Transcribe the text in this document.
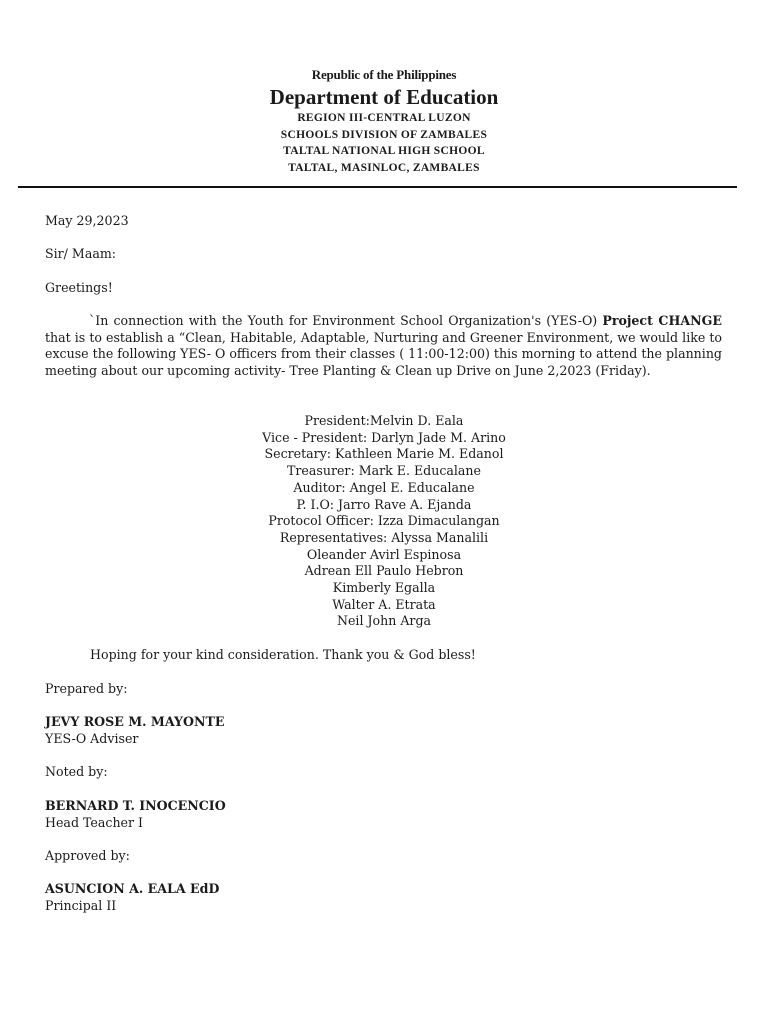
Republic of the Philippines
Department of Education
REGION III-CENTRAL LUZON
SCHOOLS DIVISION OF ZAMBALES
TALTAL NATIONAL HIGH SCHOOL
TALTAL, MASINLOC, ZAMBALES
May 29,2023
Sir/ Maam:
Greetings!
`In connection with the Youth for Environment School Organization's (YES-O) Project CHANGE that is to establish a “Clean, Habitable, Adaptable, Nurturing and Greener Environment, we would like to excuse the following YES- O officers from their classes ( 11:00-12:00) this morning to attend the planning meeting about our upcoming activity- Tree Planting & Clean up Drive on June 2,2023 (Friday).
President:Melvin D. Eala
Vice - President: Darlyn Jade M. Arino
Secretary: Kathleen Marie M. Edanol
Treasurer: Mark E. Educalane
Auditor: Angel E. Educalane
P. I.O: Jarro Rave A. Ejanda
Protocol Officer: Izza Dimaculangan
Representatives: Alyssa Manalili
Oleander Avirl Espinosa
Adrean Ell Paulo Hebron
Kimberly Egalla
Walter A. Etrata
Neil John Arga
Hoping for your kind consideration. Thank you & God bless!
Prepared by:
JEVY ROSE M. MAYONTE
YES-O Adviser
Noted by:
BERNARD T. INOCENCIO
Head Teacher I
Approved by:
ASUNCION A. EALA EdD
Principal II
